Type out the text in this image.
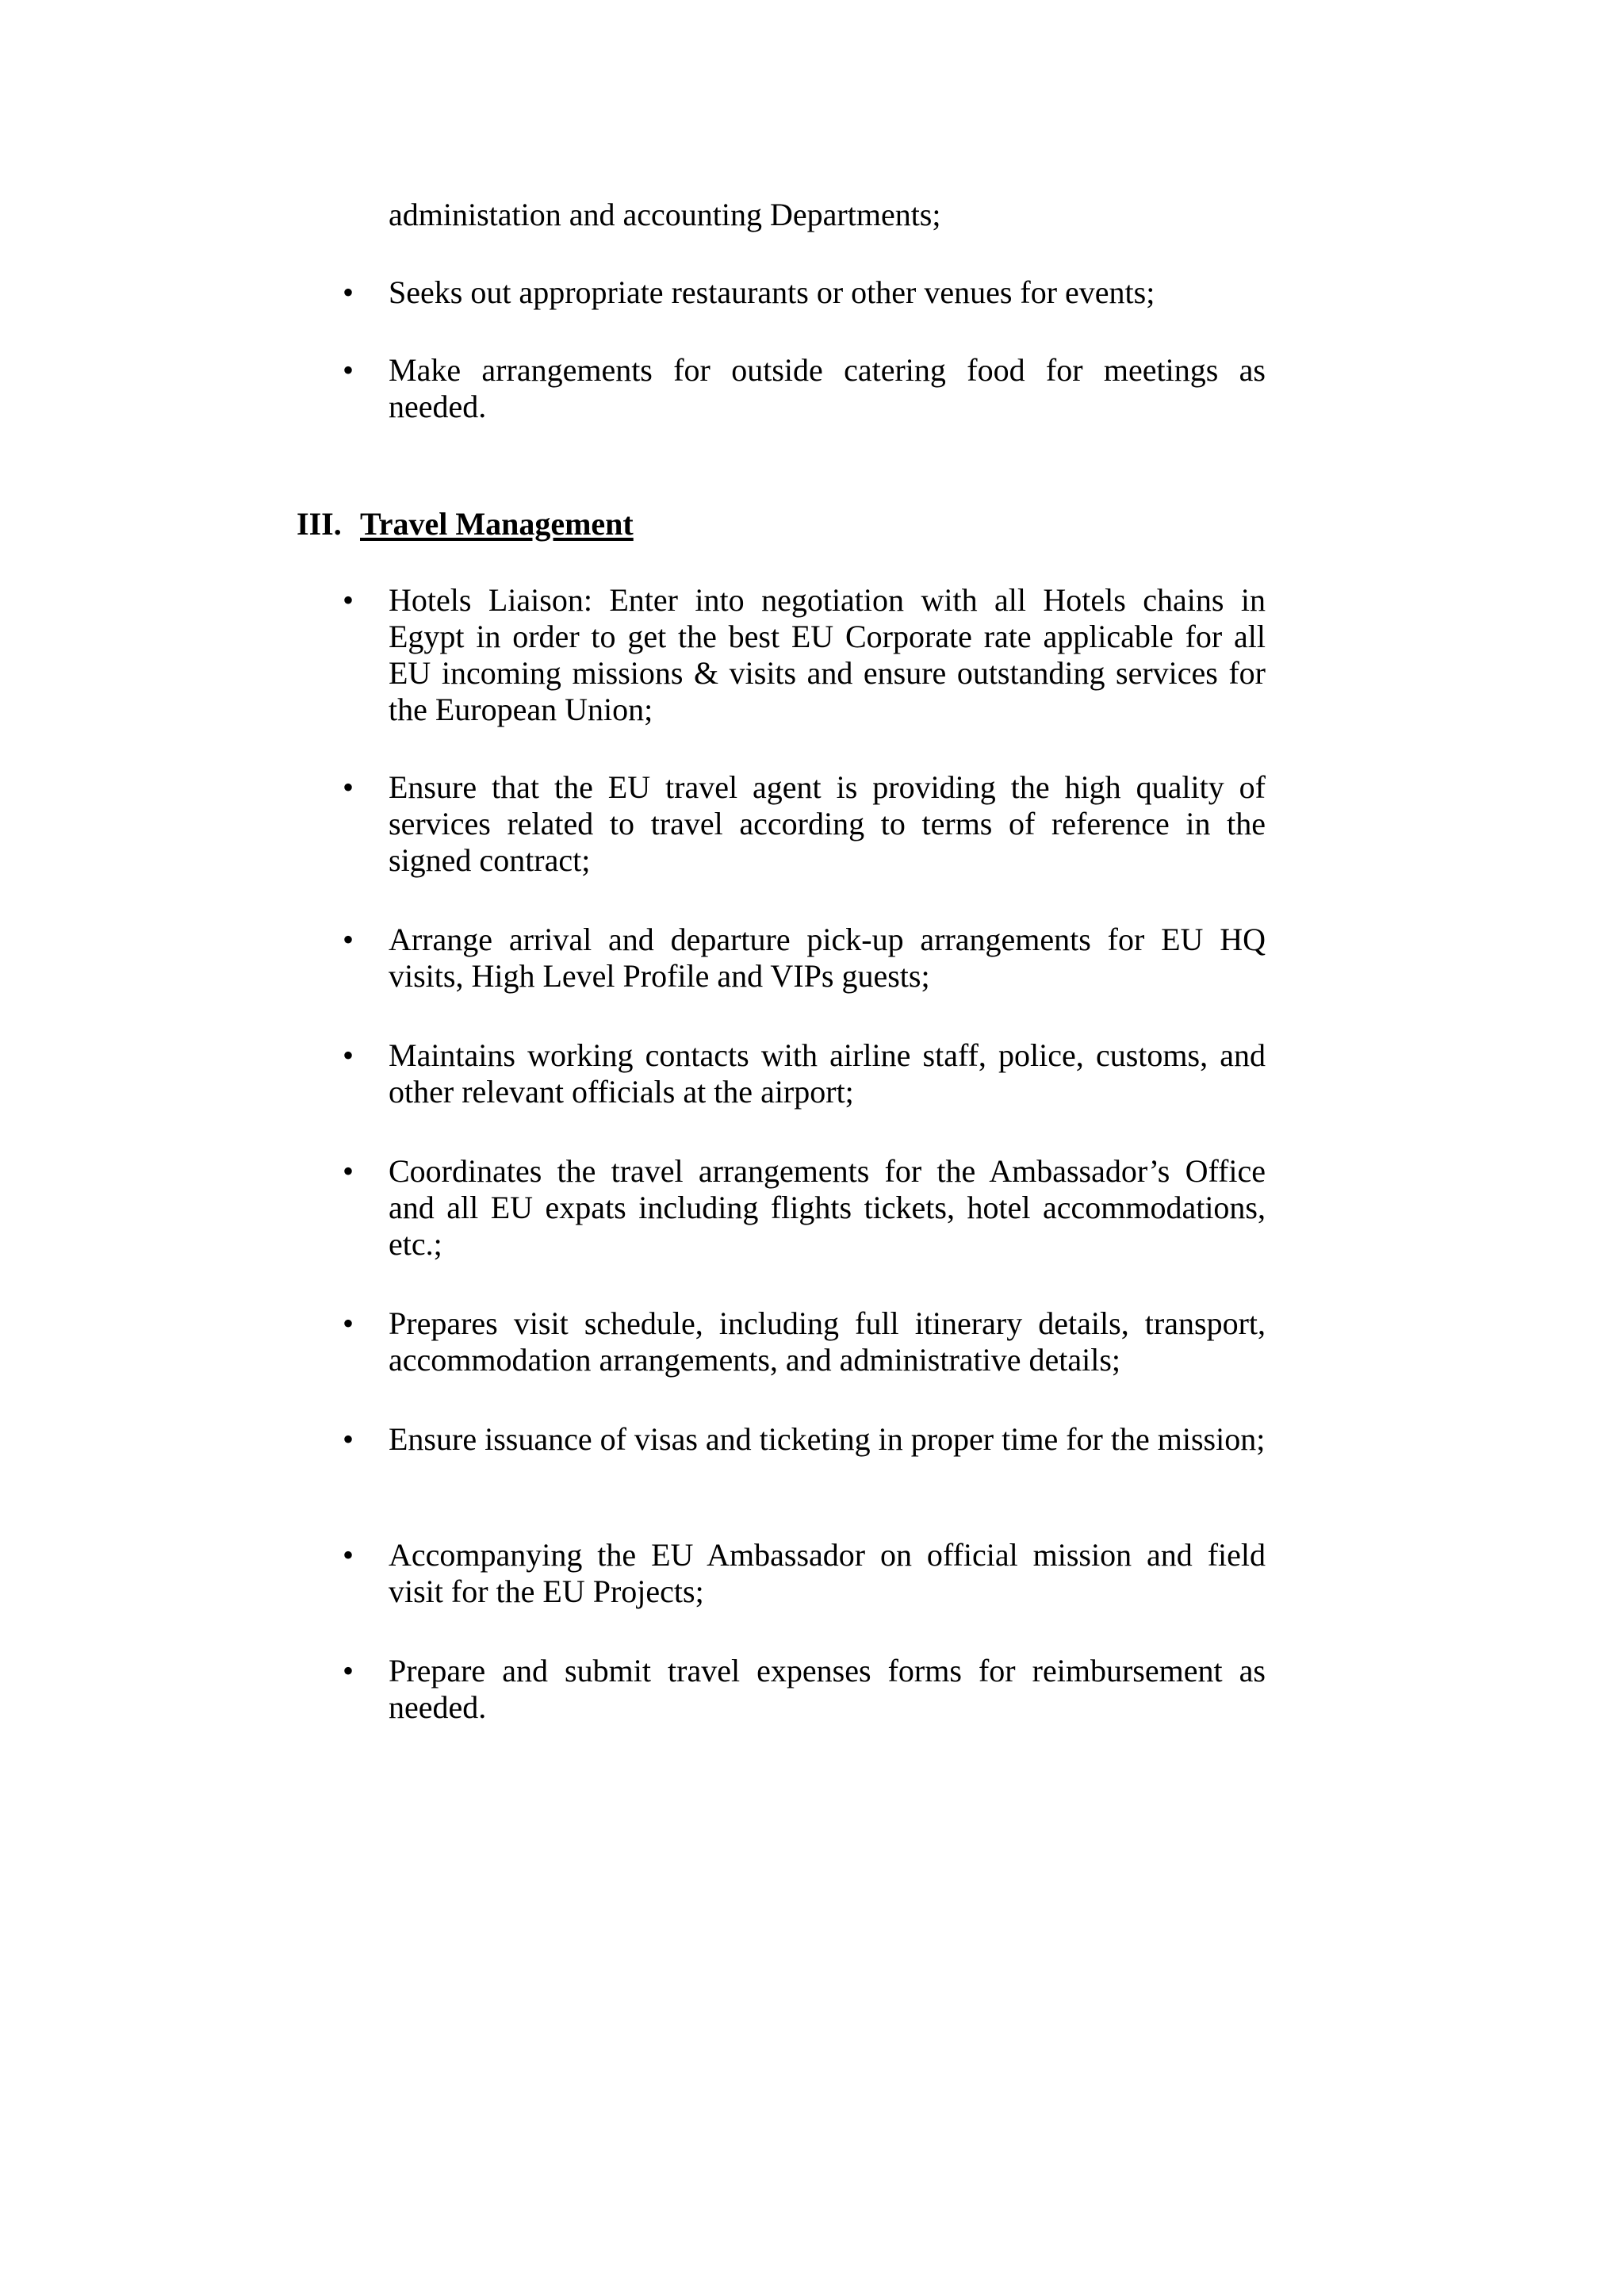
administation and accounting Departments;
• Seeks out appropriate restaurants or other venues for events;
• Make arrangements for outside catering food for meetings as needed.
III. Travel Management
• Hotels Liaison: Enter into negotiation with all Hotels chains in Egypt in order to get the best EU Corporate rate applicable for all EU incoming missions & visits and ensure outstanding services for the European Union;
• Ensure that the EU travel agent is providing the high quality of services related to travel according to terms of reference in the signed contract;
• Arrange arrival and departure pick-up arrangements for EU HQ visits, High Level Profile and VIPs guests;
• Maintains working contacts with airline staff, police, customs, and other relevant officials at the airport;
• Coordinates the travel arrangements for the Ambassador’s Office and all EU expats including flights tickets, hotel accommodations, etc.;
• Prepares visit schedule, including full itinerary details, transport, accommodation arrangements, and administrative details;
• Ensure issuance of visas and ticketing in proper time for the mission;
• Accompanying the EU Ambassador on official mission and field visit for the EU Projects;
• Prepare and submit travel expenses forms for reimbursement as needed.
